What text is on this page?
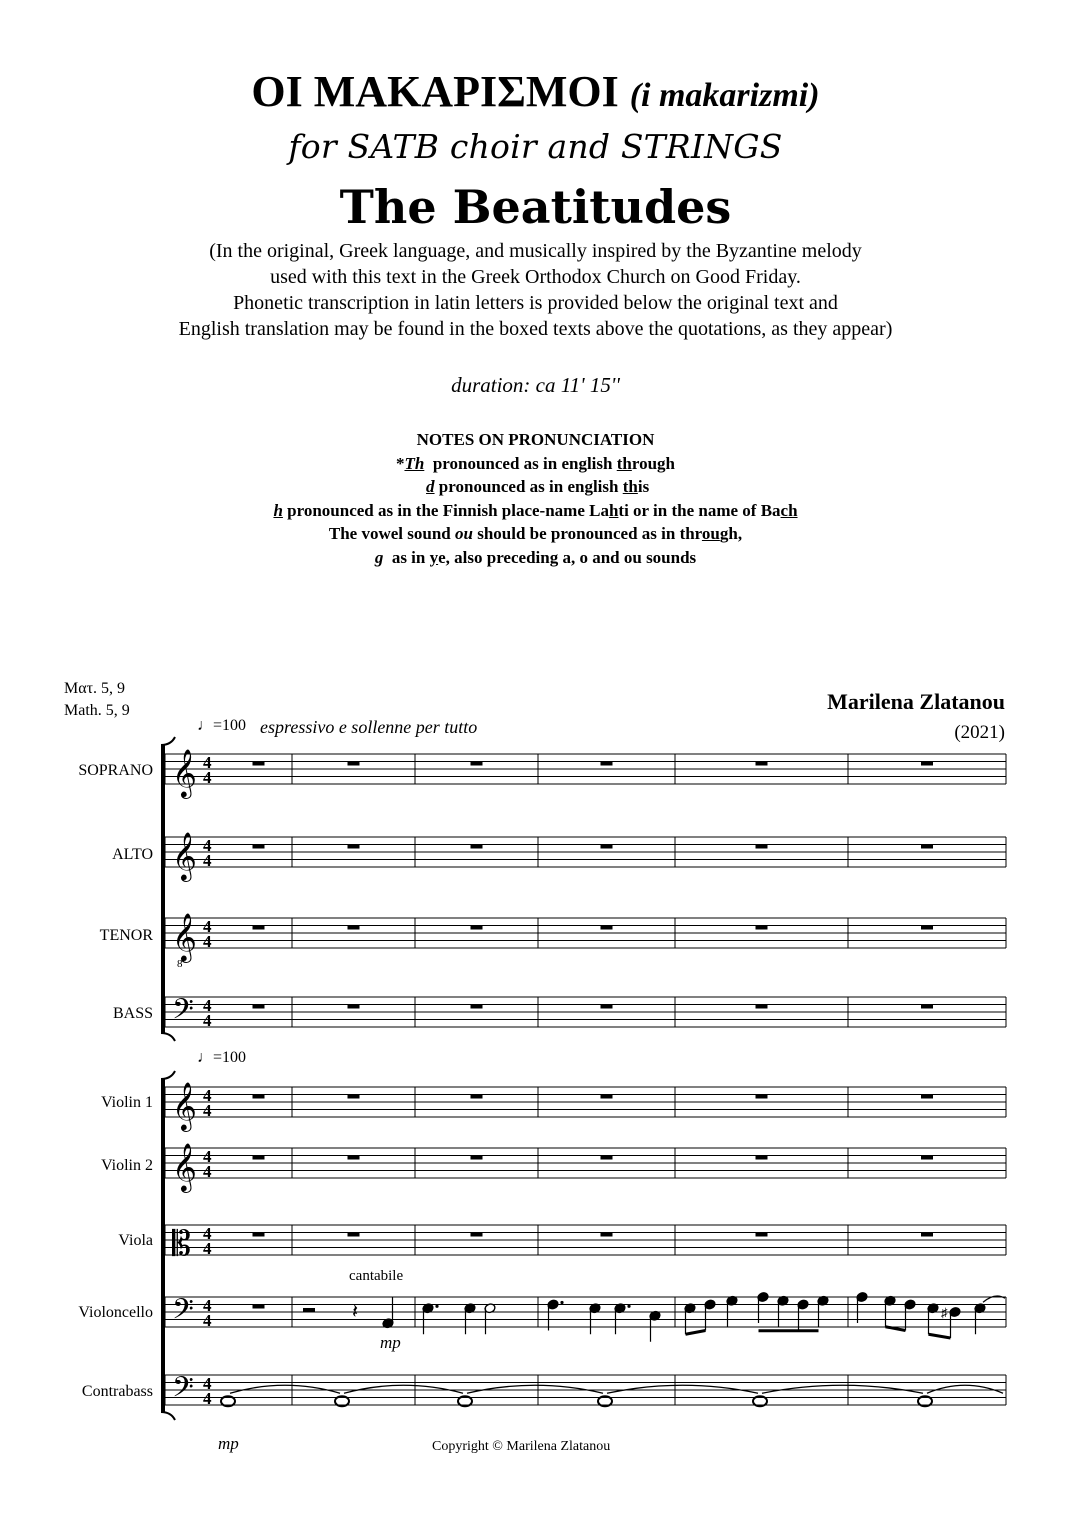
ΟΙ ΜΑΚΑΡΙΣΜΟΙ (i makarizmi)
for SATB choir and STRINGS
The Beatitudes
(In the original, Greek language, and musically inspired by the Byzantine melody
used with this text in the Greek Orthodox Church on Good Friday.
Phonetic transcription in latin letters is provided below the original text and
English translation may be found in the boxed texts above the quotations, as they appear)
duration: ca 11' 15''
NOTES ON PRONUNCIATION
*Th  pronounced as in english through
d pronounced as in english this
h pronounced as in the Finnish place-name Lahti or in the name of Bach
The vowel sound ou should be pronounced as in through,
g  as in ye, also preceding a, o and ou sounds
Ματ. 5, 9
Math. 5, 9	Marilena Zlatanou
(2021)
𝄞 4
4
𝄞 4
4
𝄞
8
4
4
𝄢 4
4
𝄞 4
4
𝄞 4
4
𝄡 4
4
𝄢 4
4
𝄢 4
4
𝄽	♯
SOPRANO
ALTO
TENOR
BASS
Violin 1
Violin 2
Viola
Violoncello
Contrabass
♩=100 espressivo e sollenne per tutto
♩=100
cantabile
mp
mp	Copyright © Marilena Zlatanou
